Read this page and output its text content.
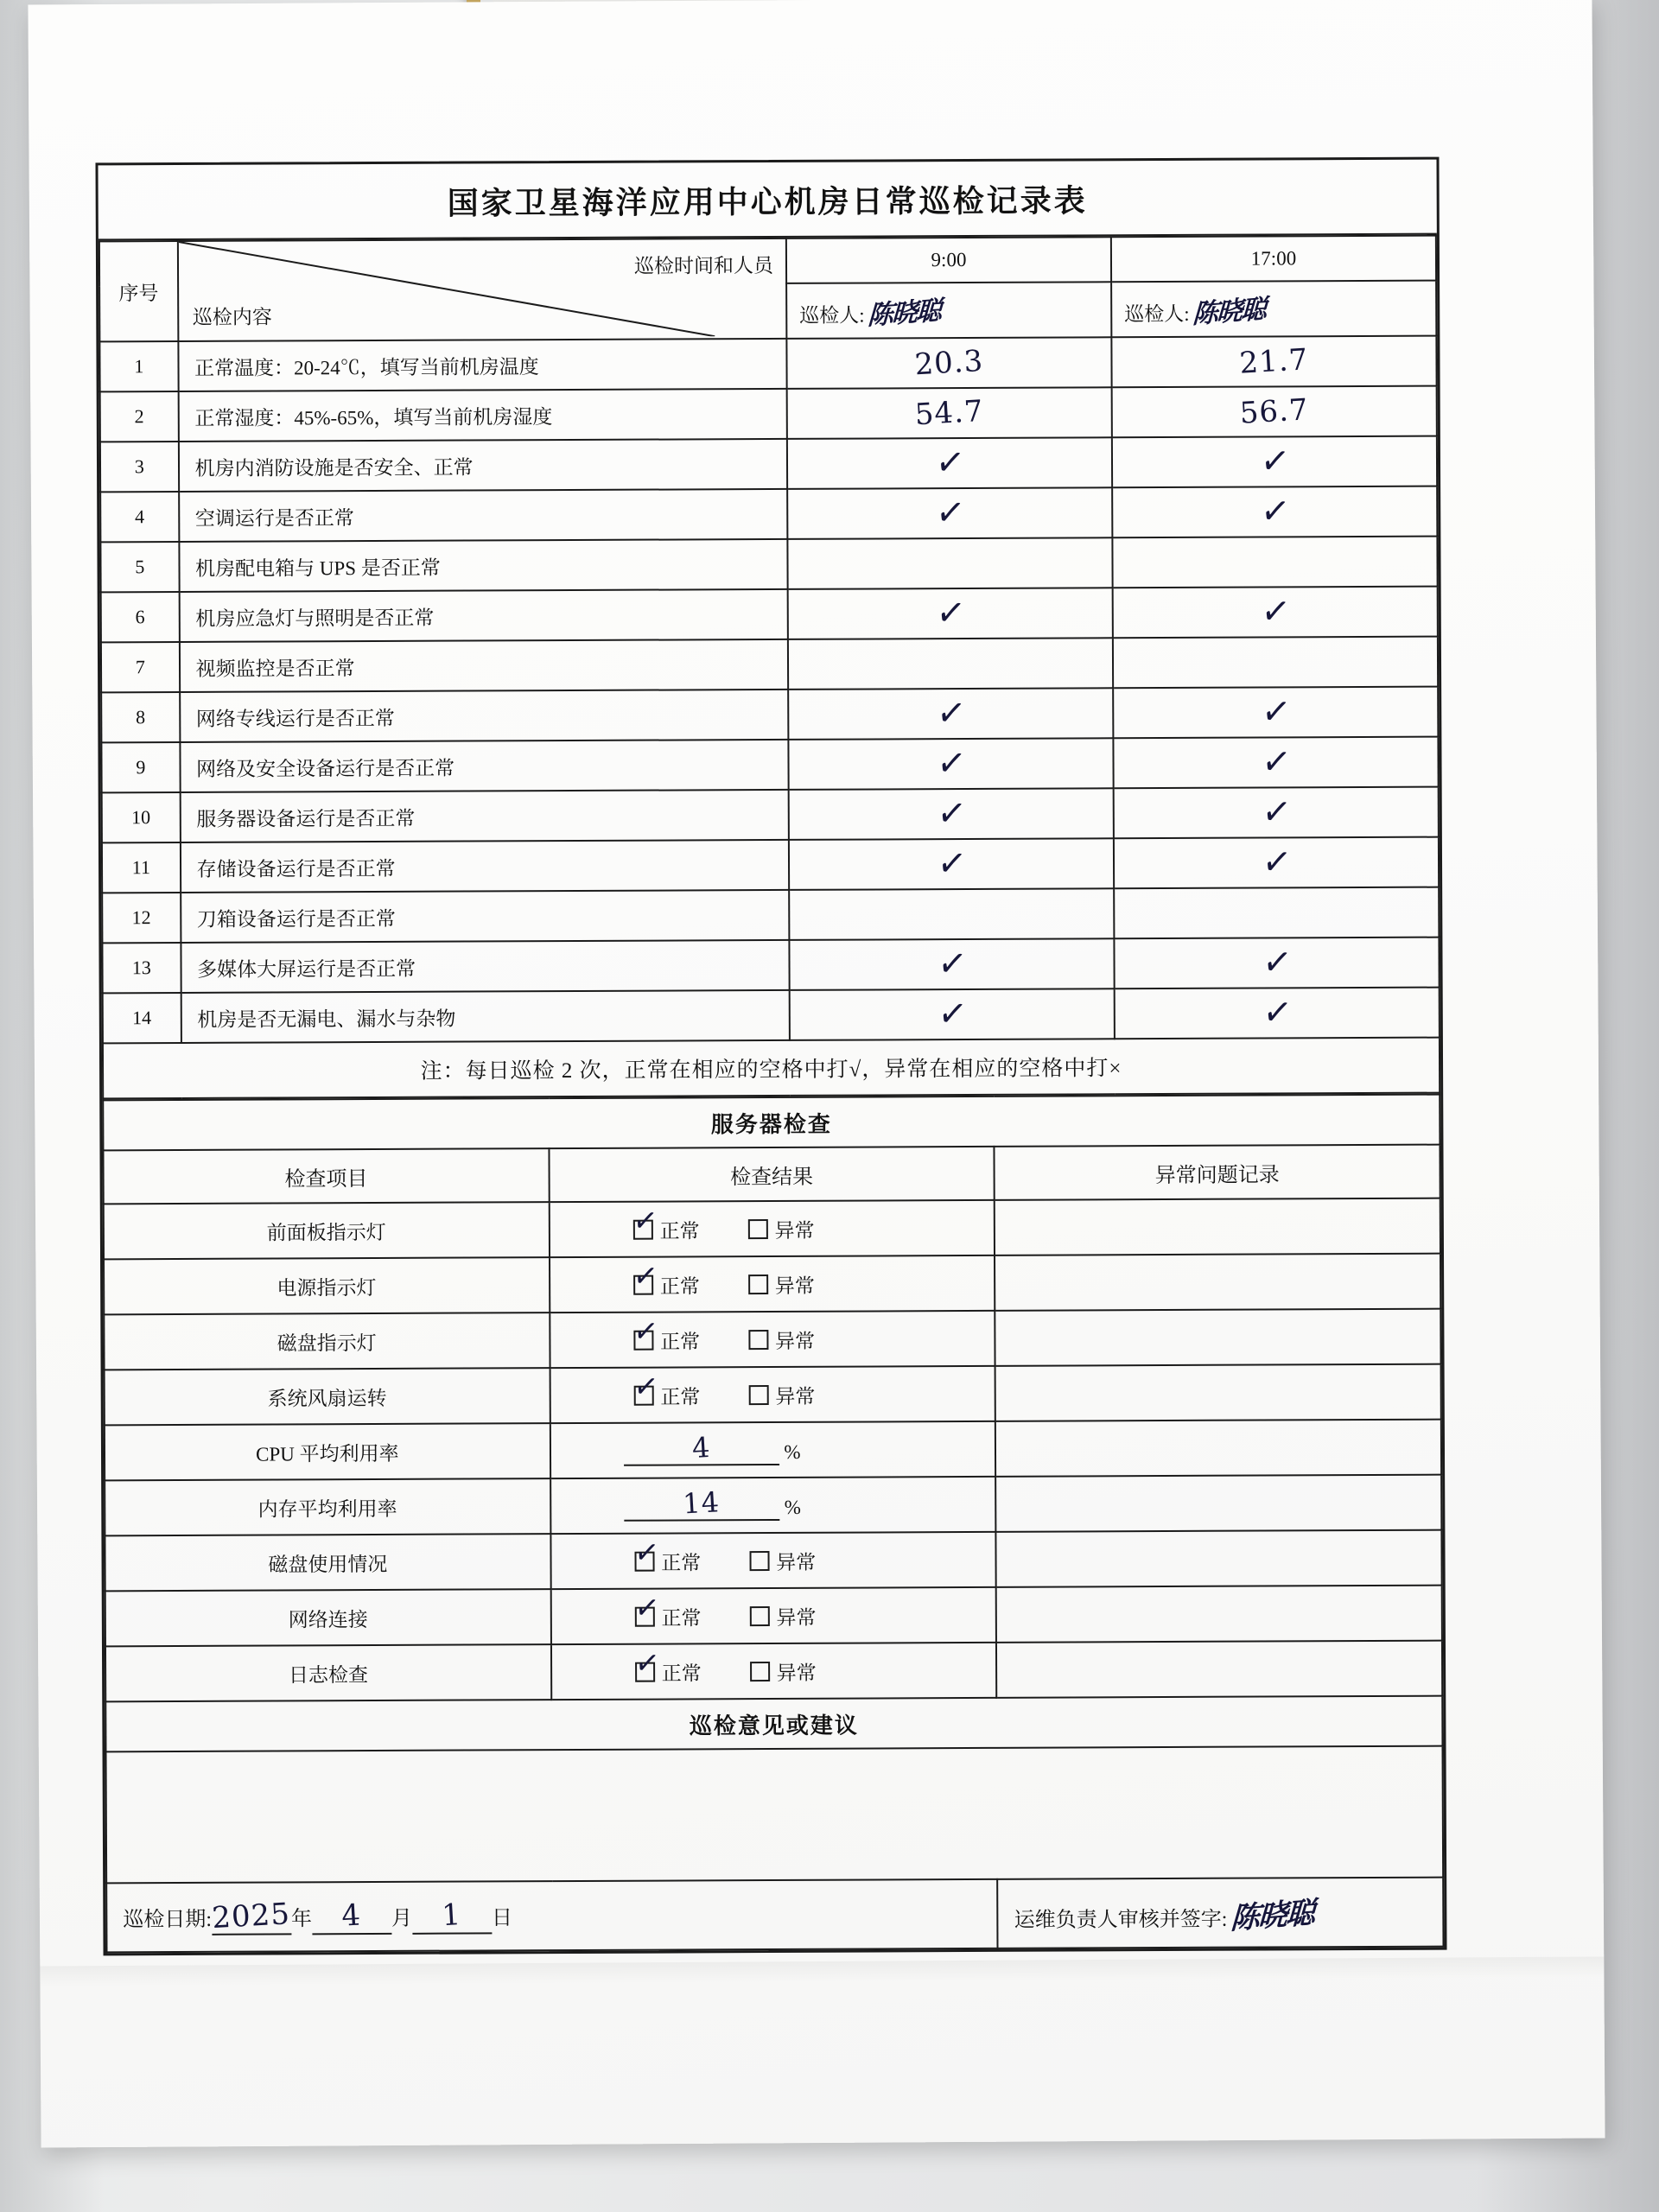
国家卫星海洋应用中心机房日常巡检记录表
序号	巡检时间和人员
巡检内容	9:00	17:00
		巡检人: 陈晓聪	巡检人: 陈晓聪
1	正常温度：20-24℃，填写当前机房温度	20.3	21.7
2	正常湿度：45%-65%，填写当前机房湿度	54.7	56.7
3	机房内消防设施是否安全、正常	✓	✓
4	空调运行是否正常	✓	✓
5	机房配电箱与 UPS 是否正常		
6	机房应急灯与照明是否正常	✓	✓
7	视频监控是否正常		
8	网络专线运行是否正常	✓	✓
9	网络及安全设备运行是否正常	✓	✓
10	服务器设备运行是否正常	✓	✓
11	存储设备运行是否正常	✓	✓
12	刀箱设备运行是否正常		
13	多媒体大屏运行是否正常	✓	✓
14	机房是否无漏电、漏水与杂物	✓	✓
注：每日巡检 2 次，正常在相应的空格中打√，异常在相应的空格中打×			
服务器检查		
检查项目	检查结果	异常问题记录
前面板指示灯	✓ 正常 异常	
电源指示灯	✓ 正常 异常	
磁盘指示灯	✓ 正常 异常	
系统风扇运转	✓ 正常 异常	
CPU 平均利用率	4 %	
内存平均利用率	14 %	
磁盘使用情况	✓ 正常 异常	
网络连接	✓ 正常 异常	
日志检查	✓ 正常 异常	
巡检意见或建议		

巡检日期:2025年 4 月 1 日		运维负责人审核并签字:陈晓聪
